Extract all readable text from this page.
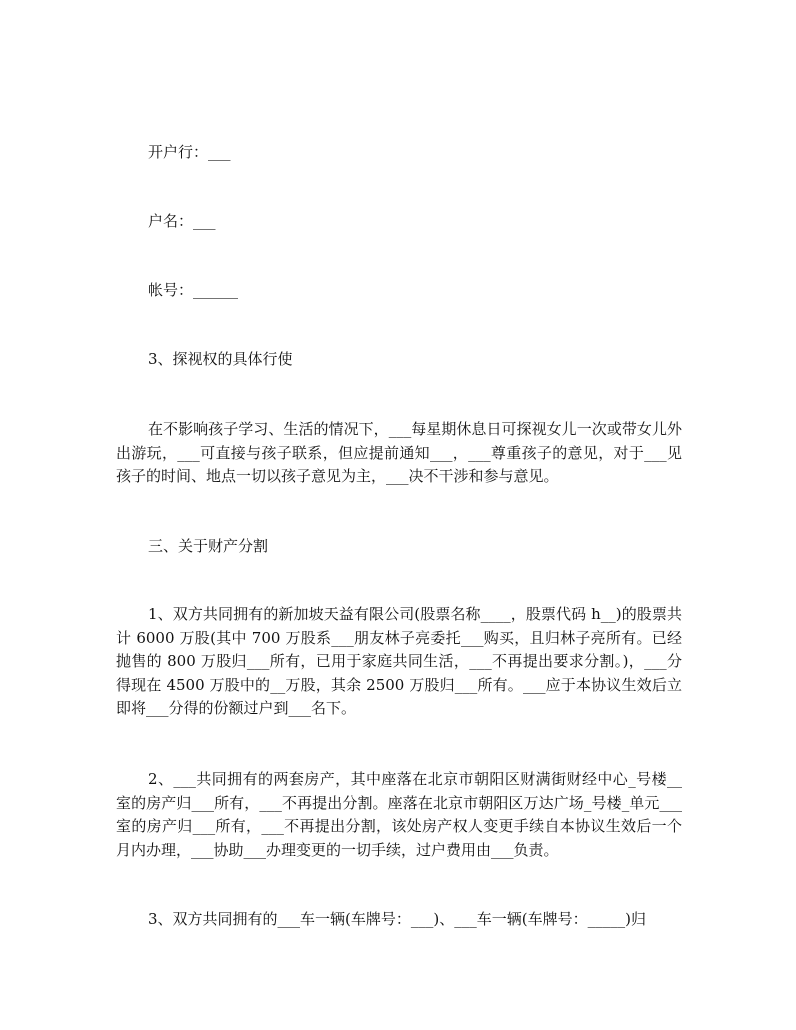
开户行：___
户名：___
帐号：______
3、探视权的具体行使

在不影响孩子学习、生活的情况下，___每星期休息日可探视女儿一次或带女儿外出游玩，___可直接与孩子联系，但应提前通知___，___尊重孩子的意见，对于___见孩子的时间、地点一切以孩子意见为主，___决不干涉和参与意见。

三、关于财产分割

1、双方共同拥有的新加坡天益有限公司(股票名称____，股票代码 h__)的股票共计 6000 万股(其中 700 万股系___朋友林子亮委托___购买，且归林子亮所有。已经抛售的 800 万股归___所有，已用于家庭共同生活，___不再提出要求分割。)，___分得现在 4500 万股中的__万股，其余 2500 万股归___所有。___应于本协议生效后立即将___分得的份额过户到___名下。

2、___共同拥有的两套房产，其中座落在北京市朝阳区财满街财经中心_号楼__室的房产归___所有，___不再提出分割。座落在北京市朝阳区万达广场_号楼_单元___室的房产归___所有，___不再提出分割，该处房产权人变更手续自本协议生效后一个月内办理，___协助___办理变更的一切手续，过户费用由___负责。

3、双方共同拥有的___车一辆(车牌号：___)、___车一辆(车牌号：_____)归
